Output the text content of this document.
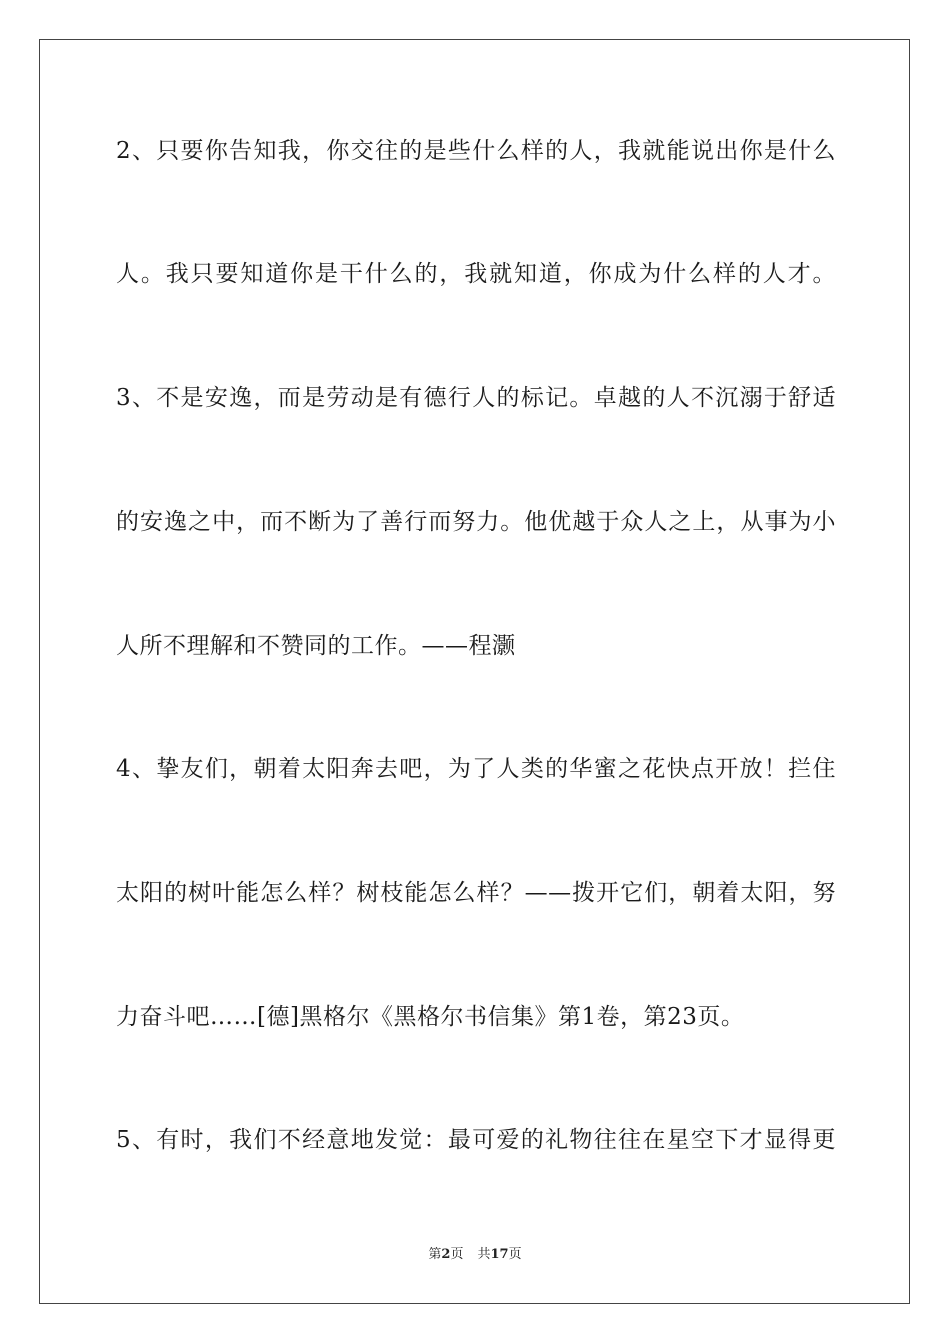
2、只要你告知我，你交往的是些什么样的人，我就能说出你是什么
人。我只要知道你是干什么的，我就知道，你成为什么样的人才。
3、不是安逸，而是劳动是有德行人的标记。卓越的人不沉溺于舒适
的安逸之中，而不断为了善行而努力。他优越于众人之上，从事为小
人所不理解和不赞同的工作。——程灏
4、挚友们，朝着太阳奔去吧，为了人类的华蜜之花快点开放！拦住
太阳的树叶能怎么样？树枝能怎么样？——拨开它们，朝着太阳，努
力奋斗吧……[德]黑格尔《黑格尔书信集》第1卷，第23页。
5、有时，我们不经意地发觉：最可爱的礼物往往在星空下才显得更
第2页 共17页
